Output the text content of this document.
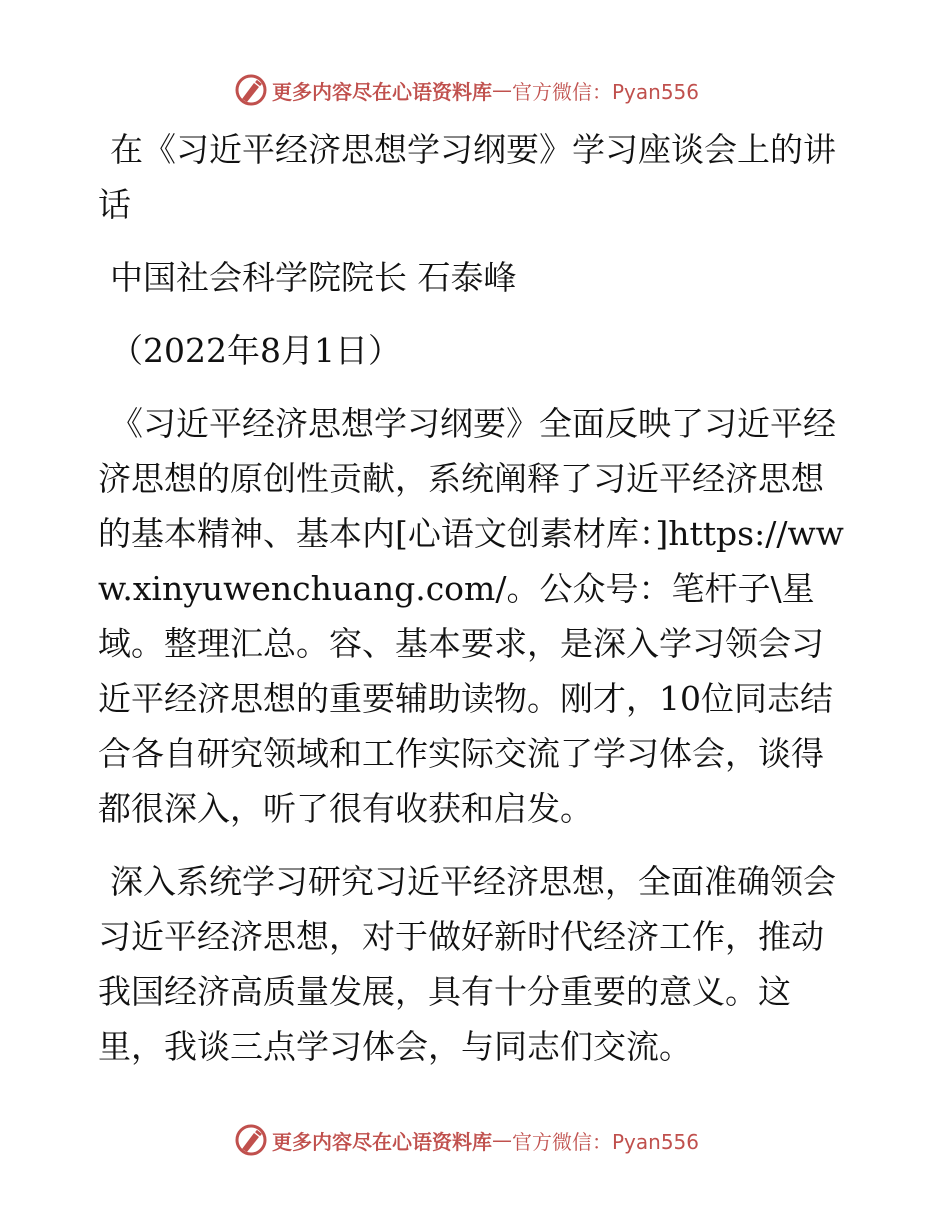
更多内容尽在心语资料库 — 官方微信：Pyan556

在《习近平经济思想学习纲要》学习座谈会上的讲话

中国社会科学院院长 石泰峰

（2022年8月1日）

《习近平经济思想学习纲要》全面反映了习近平经济思想的原创性贡献，系统阐释了习近平经济思想的基本精神、基本内[心语文创素材库：]https://www.xinyuwenchuang.com/。公众号：笔杆子\星域。整理汇总。容、基本要求，是深入学习领会习近平经济思想的重要辅助读物。刚才，10位同志结合各自研究领域和工作实际交流了学习体会，谈得都很深入，听了很有收获和启发。

深入系统学习研究习近平经济思想，全面准确领会习近平经济思想，对于做好新时代经济工作，推动我国经济高质量发展，具有十分重要的意义。这里，我谈三点学习体会，与同志们交流。

更多内容尽在心语资料库 — 官方微信：Pyan556
